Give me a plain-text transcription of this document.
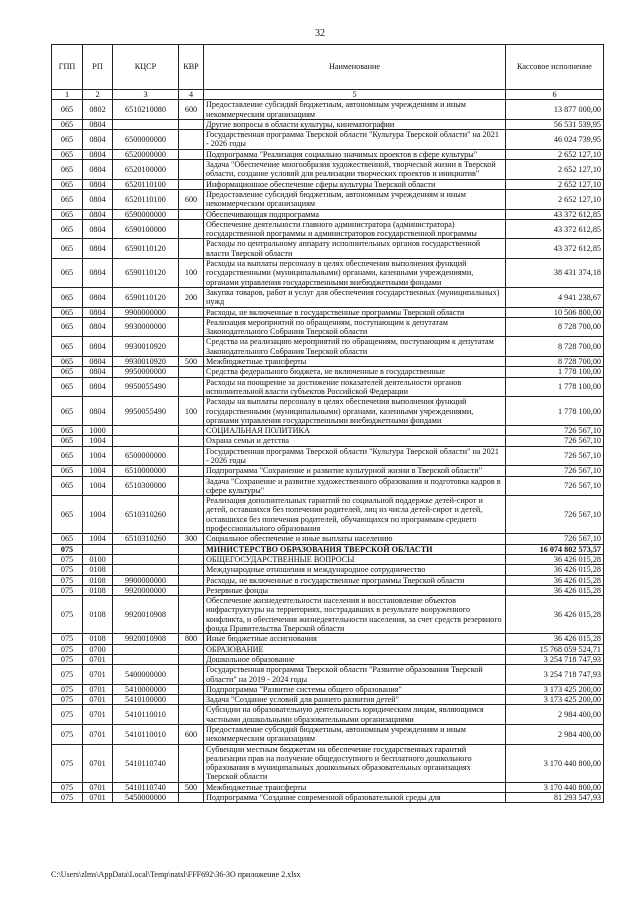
32
ГПП	РП	КЦСР	КВР	Наименование	Кассовое исполнение
1	2	3	4	5	6
065	0802	6510210080	600	Предоставление субсидий бюджетным, автономным учреждениям и иным некоммерческим организациям	13 877 000,00
065	0804			Другие вопросы в области культуры, кинематографии	56 531 539,95
065	0804	6500000000		Государственная программа Тверской области "Культура Тверской области" на 2021 - 2026 годы	46 024 739,95
065	0804	6520000000		Подпрограмма "Реализация социально значимых проектов в сфере культуры"	2 652 127,10
065	0804	6520100000		Задача "Обеспечение многообразия художественной, творческой жизни в Тверской области, создание условий для реализации творческих проектов и инициатив"	2 652 127,10
065	0804	6520110100		Информационное обеспечение сферы культуры Тверской области	2 652 127,10
065	0804	6520110100	600	Предоставление субсидий бюджетным, автономным учреждениям и иным некоммерческим организациям	2 652 127,10
065	0804	6590000000		Обеспечивающая подпрограмма	43 372 612,85
065	0804	6590100000		Обеспечение деятельности главного администратора (администратора) государственной программы и администраторов государственной программы	43 372 612,85
065	0804	6590110120		Расходы по центральному аппарату исполнительных органов государственной власти Тверской области	43 372 612,85
065	0804	6590110120	100	Расходы на выплаты персоналу в целях обеспечения выполнения функций государственными (муниципальными) органами, казенными учреждениями, органами управления государственными внебюджетными фондами	38 431 374,18
065	0804	6590110120	200	Закупка товаров, работ и услуг для обеспечения государственных (муниципальных) нужд	4 941 238,67
065	0804	9900000000		Расходы, не включенные в государственные программы Тверской области	10 506 800,00
065	0804	9930000000		Реализация мероприятий по обращениям, поступающим к депутатам Законодательного Собрания Тверской области	8 728 700,00
065	0804	9930010920		Средства на реализацию мероприятий по обращениям, поступающим к депутатам Законодательного Собрания Тверской области	8 728 700,00
065	0804	9930010920	500	Межбюджетные трансферты	8 728 700,00
065	0804	9950000000		Средства федерального бюджета, не включенные в государственные	1 778 100,00
065	0804	9950055490		Расходы на поощрение за достижение показателей деятельности органов исполнительной власти субъектов Российской Федерации	1 778 100,00
065	0804	9950055490	100	Расходы на выплаты персоналу в целях обеспечения выполнения функций государственными (муниципальными) органами, казенными учреждениями, органами управления государственными внебюджетными фондами	1 778 100,00
065	1000			СОЦИАЛЬНАЯ ПОЛИТИКА	726 567,10
065	1004			Охрана семьи и детства	726 567,10
065	1004	6500000000		Государственная программа Тверской области "Культура Тверской области" на 2021 - 2026 годы	726 567,10
065	1004	6510000000		Подпрограмма "Сохранение и развитие культурной жизни в Тверской области"	726 567,10
065	1004	6510300000		Задача "Сохранение и развитие художественного образования и подготовка кадров в сфере культуры"	726 567,10
065	1004	6510310260		Реализация дополнительных гарантий по социальной поддержке детей-сирот и детей, оставшихся без попечения родителей, лиц из числа детей-сирот и детей, оставшихся без попечения родителей, обучающихся по программам среднего профессионального образования	726 567,10
065	1004	6510310260	300	Социальное обеспечение и иные выплаты населению	726 567,10
075				МИНИСТЕРСТВО ОБРАЗОВАНИЯ ТВЕРСКОЙ ОБЛАСТИ	16 074 802 573,57
075	0100			ОБЩЕГОСУДАРСТВЕННЫЕ ВОПРОСЫ	36 426 015,28
075	0108			Международные отношения и международное сотрудничество	36 426 015,28
075	0108	9900000000		Расходы, не включенные в государственные программы Тверской области	36 426 015,28
075	0108	9920000000		Резервные фонды	36 426 015,28
075	0108	9920010908		Обеспечение жизнедеятельности населения и восстановление объектов инфраструктуры на территориях, пострадавших в результате вооруженного конфликта, и обеспечения жизнедеятельности населения, за счет средств резервного фонда Правительства Тверской области	36 426 015,28
075	0108	9920010908	800	Иные бюджетные ассигнования	36 426 015,28
075	0700			ОБРАЗОВАНИЕ	15 768 059 524,71
075	0701			Дошкольное образование	3 254 718 747,93
075	0701	5400000000		Государственная программа Тверской области "Развитие образования Тверской области" на 2019 - 2024 годы	3 254 718 747,93
075	0701	5410000000		Подпрограмма "Развитие системы общего образования"	3 173 425 200,00
075	0701	5410100000		Задача "Создание условий для раннего развития детей"	3 173 425 200,00
075	0701	5410110010		Субсидии на образовательную деятельность юридическим лицам, являющимся частными дошкольными образовательными организациями	2 984 400,00
075	0701	5410110010	600	Предоставление субсидий бюджетным, автономным учреждениям и иным некоммерческим организациям	2 984 400,00
075	0701	5410110740		Субвенции местным бюджетам на обеспечение государственных гарантий реализации прав на получение общедоступного и бесплатного дошкольного образования в муниципальных дошкольных образовательных организациях Тверской области	3 170 440 800,00
075	0701	5410110740	500	Межбюджетные трансферты	3 170 440 800,00
075	0701	5450000000		Подпрограмма "Создание современной образовательной среды для	81 293 547,93
C:\Users\zlms\AppData\Local\Temp\natsl\FFF692\36-ЗО приложение 2.xlsx
